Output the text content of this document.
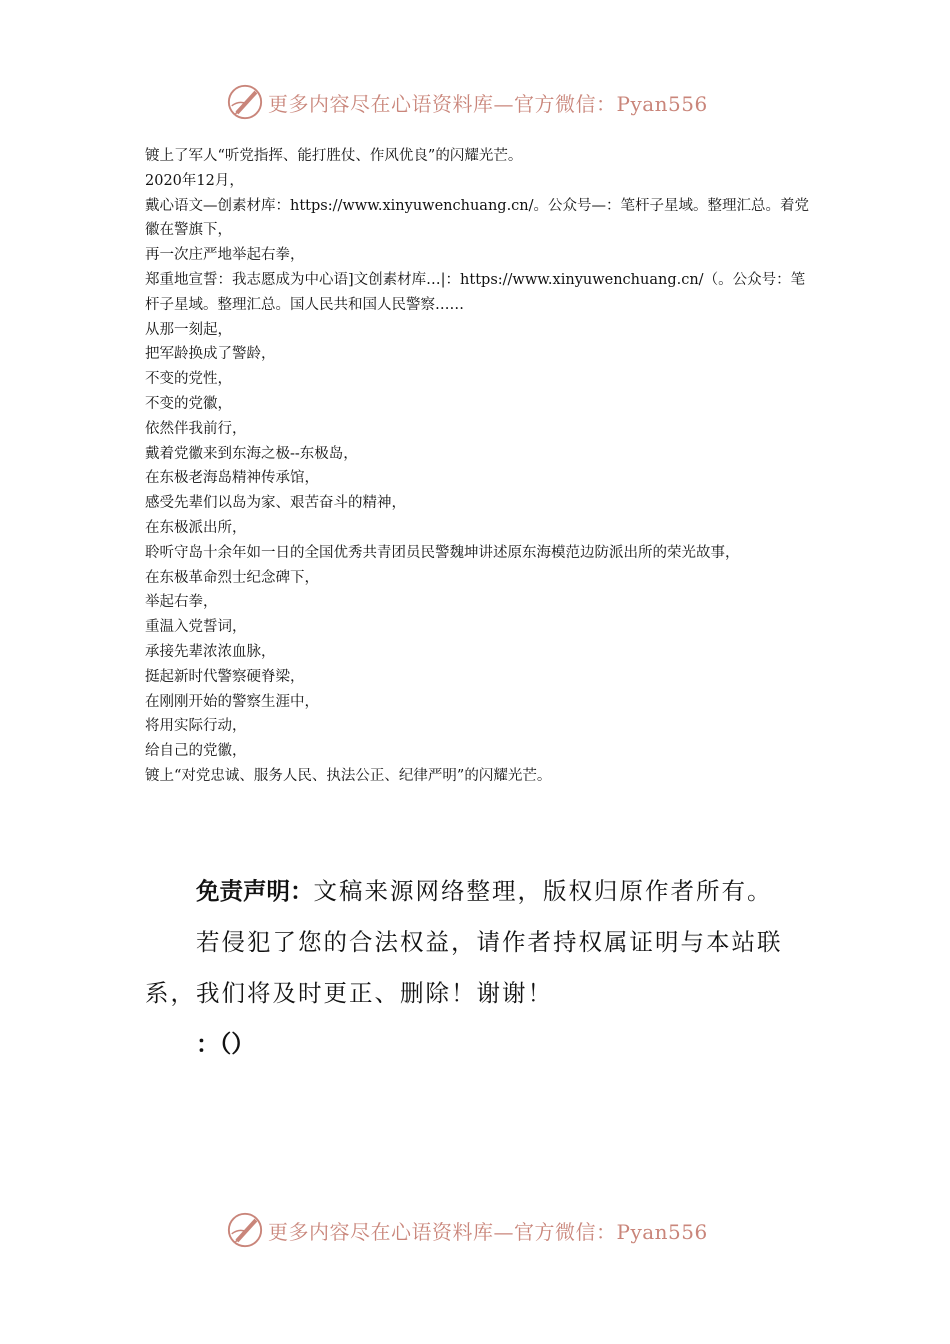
更多内容尽在心语资料库—官方微信：Pyan556
镀上了军人“听党指挥、能打胜仗、作风优良”的闪耀光芒。
2020年12月，
戴心语文—创素材库：https://www.xinyuwenchuang.cn/。公众号—：笔杆子星域。整理汇总。着党徽在警旗下，
再一次庄严地举起右拳，
郑重地宣誓：我志愿成为中心语]文创素材库…|：https://www.xinyuwenchuang.cn/（。公众号：笔杆子星域。整理汇总。国人民共和国人民警察……
从那一刻起，
把军龄换成了警龄，
不变的党性，
不变的党徽，
依然伴我前行，
戴着党徽来到东海之极--东极岛，
在东极老海岛精神传承馆，
感受先辈们以岛为家、艰苦奋斗的精神，
在东极派出所，
聆听守岛十余年如一日的全国优秀共青团员民警魏坤讲述原东海模范边防派出所的荣光故事，
在东极革命烈士纪念碑下，
举起右拳，
重温入党誓词，
承接先辈浓浓血脉，
挺起新时代警察硬脊梁，
在刚刚开始的警察生涯中，
将用实际行动，
给自己的党徽，
镀上“对党忠诚、服务人民、执法公正、纪律严明”的闪耀光芒。

免责声明：文稿来源网络整理，版权归原作者所有。

若侵犯了您的合法权益，请作者持权属证明与本站联系，我们将及时更正、删除！谢谢！

：（）

更多内容尽在心语资料库—官方微信：Pyan556
